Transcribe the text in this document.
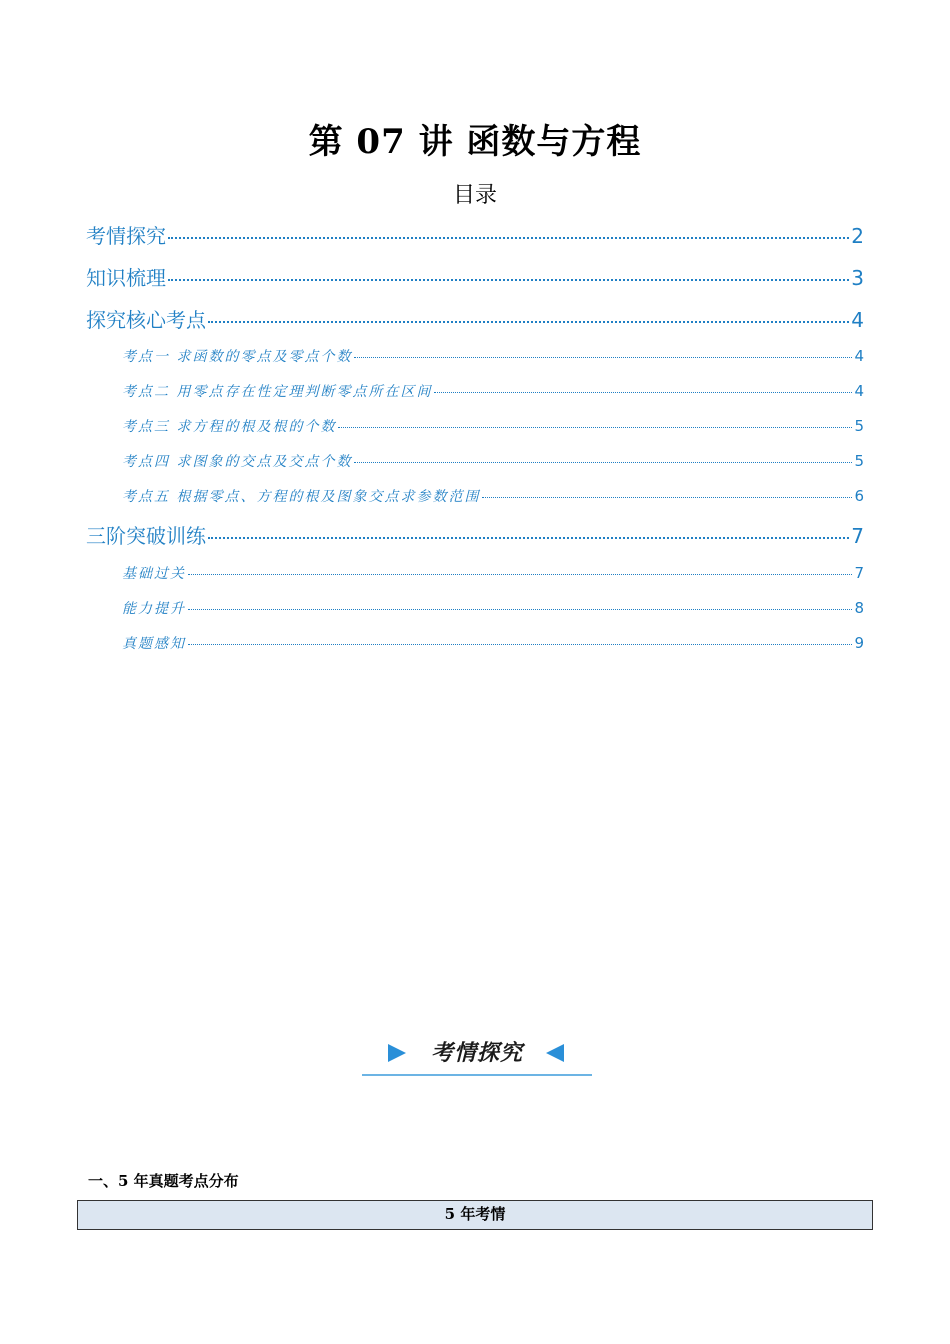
第 07 讲 函数与方程
目录
考情探究	2
知识梳理	3
探究核心考点	4
考点一 求函数的零点及零点个数	4
考点二 用零点存在性定理判断零点所在区间	4
考点三 求方程的根及根的个数	5
考点四 求图象的交点及交点个数	5
考点五 根据零点、方程的根及图象交点求参数范围	6
三阶突破训练	7
基础过关	7
能力提升	8
真题感知	9
考情探究
一、5 年真题考点分布
5 年考情
